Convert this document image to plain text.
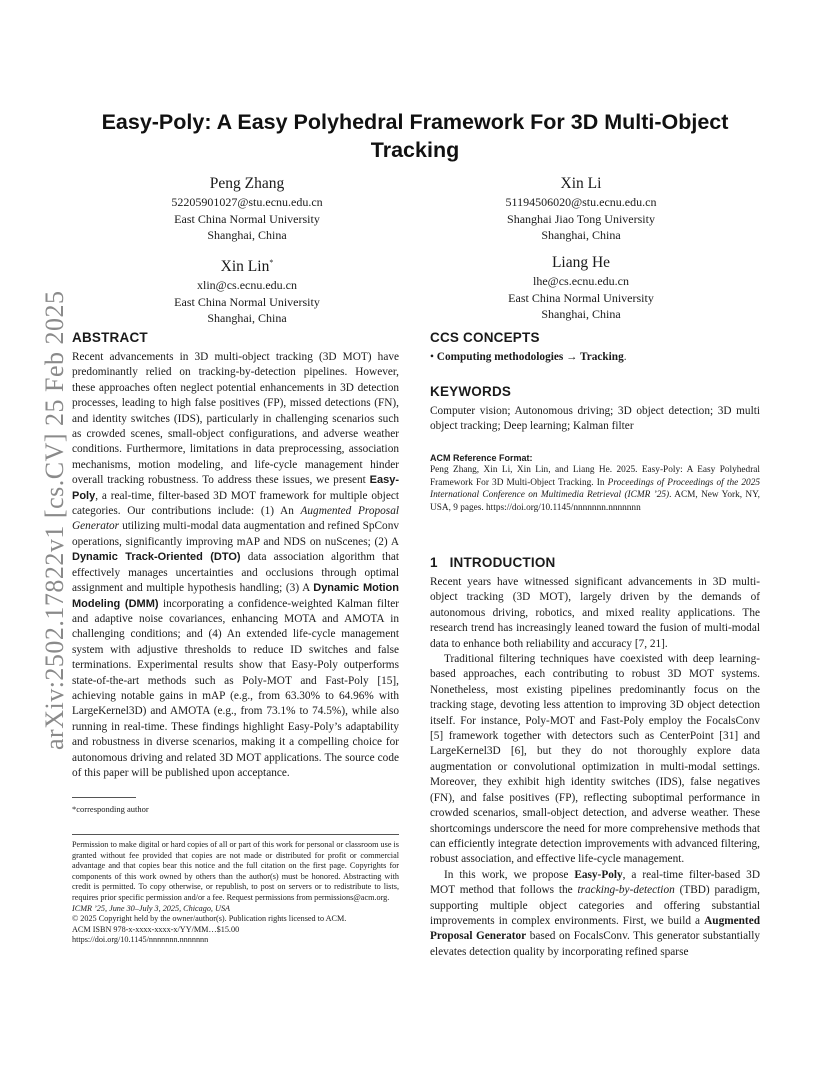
arXiv:2502.17822v1 [cs.CV] 25 Feb 2025
Easy-Poly: A Easy Polyhedral Framework For 3D Multi-Object Tracking
Peng Zhang
52205901027@stu.ecnu.edu.cn
East China Normal University
Shanghai, China
Xin Li
51194506020@stu.ecnu.edu.cn
Shanghai Jiao Tong University
Shanghai, China
Xin Lin*
xlin@cs.ecnu.edu.cn
East China Normal University
Shanghai, China
Liang He
lhe@cs.ecnu.edu.cn
East China Normal University
Shanghai, China
ABSTRACT
Recent advancements in 3D multi-object tracking (3D MOT) have predominantly relied on tracking-by-detection pipelines. However, these approaches often neglect potential enhancements in 3D detection processes, leading to high false positives (FP), missed detections (FN), and identity switches (IDS), particularly in challenging scenarios such as crowded scenes, small-object configurations, and adverse weather conditions. Furthermore, limitations in data preprocessing, association mechanisms, motion modeling, and life-cycle management hinder overall tracking robustness. To address these issues, we present Easy-Poly, a real-time, filter-based 3D MOT framework for multiple object categories. Our contributions include: (1) An Augmented Proposal Generator utilizing multi-modal data augmentation and refined SpConv operations, significantly improving mAP and NDS on nuScenes; (2) A Dynamic Track-Oriented (DTO) data association algorithm that effectively manages uncertainties and occlusions through optimal assignment and multiple hypothesis handling; (3) A Dynamic Motion Modeling (DMM) incorporating a confidence-weighted Kalman filter and adaptive noise covariances, enhancing MOTA and AMOTA in challenging conditions; and (4) An extended life-cycle management system with adjustive thresholds to reduce ID switches and false terminations. Experimental results show that Easy-Poly outperforms state-of-the-art methods such as Poly-MOT and Fast-Poly [15], achieving notable gains in mAP (e.g., from 63.30% to 64.96% with LargeKernel3D) and AMOTA (e.g., from 73.1% to 74.5%), while also running in real-time. These findings highlight Easy-Poly’s adaptability and robustness in diverse scenarios, making it a compelling choice for autonomous driving and related 3D MOT applications. The source code of this paper will be published upon acceptance.
*corresponding author

Permission to make digital or hard copies of all or part of this work for personal or classroom use is granted without fee provided that copies are not made or distributed for profit or commercial advantage and that copies bear this notice and the full citation on the first page. Copyrights for components of this work owned by others than the author(s) must be honored. Abstracting with credit is permitted. To copy otherwise, or republish, to post on servers or to redistribute to lists, requires prior specific permission and/or a fee. Request permissions from permissions@acm.org.

ICMR ’25, June 30–July 3, 2025, Chicago, USA

© 2025 Copyright held by the owner/author(s). Publication rights licensed to ACM.

ACM ISBN 978-x-xxxx-xxxx-x/YY/MM…$15.00

https://doi.org/10.1145/nnnnnnn.nnnnnnn

CCS CONCEPTS
• Computing methodologies → Tracking.
KEYWORDS
Computer vision; Autonomous driving; 3D object detection; 3D multi object tracking; Deep learning; Kalman filter
ACM Reference Format:
Peng Zhang, Xin Li, Xin Lin, and Liang He. 2025. Easy-Poly: A Easy Polyhedral Framework For 3D Multi-Object Tracking. In Proceedings of Proceedings of the 2025 International Conference on Multimedia Retrieval (ICMR ’25). ACM, New York, NY, USA, 9 pages. https://doi.org/10.1145/nnnnnnn.nnnnnnn
1 INTRODUCTION

Recent years have witnessed significant advancements in 3D multi-object tracking (3D MOT), largely driven by the demands of autonomous driving, robotics, and mixed reality applications. The research trend has increasingly leaned toward the fusion of multi-modal data to enhance both reliability and accuracy [7, 21].

Traditional filtering techniques have coexisted with deep learning-based approaches, each contributing to robust 3D MOT systems. Nonetheless, most existing pipelines predominantly focus on the tracking stage, devoting less attention to improving 3D object detection itself. For instance, Poly-MOT and Fast-Poly employ the FocalsConv [5] framework together with detectors such as CenterPoint [31] and LargeKernel3D [6], but they do not thoroughly explore data augmentation or convolutional optimization in multi-modal settings. Moreover, they exhibit high identity switches (IDS), false negatives (FN), and false positives (FP), reflecting suboptimal performance in crowded scenarios, small-object detection, and adverse weather. These shortcomings underscore the need for more comprehensive methods that can efficiently integrate detection improvements with advanced filtering, robust association, and effective life-cycle management.

In this work, we propose Easy-Poly, a real-time filter-based 3D MOT method that follows the tracking-by-detection (TBD) paradigm, supporting multiple object categories and offering substantial improvements in complex environments. First, we build a Augmented Proposal Generator based on FocalsConv. This generator substantially elevates detection quality by incorporating refined sparse
